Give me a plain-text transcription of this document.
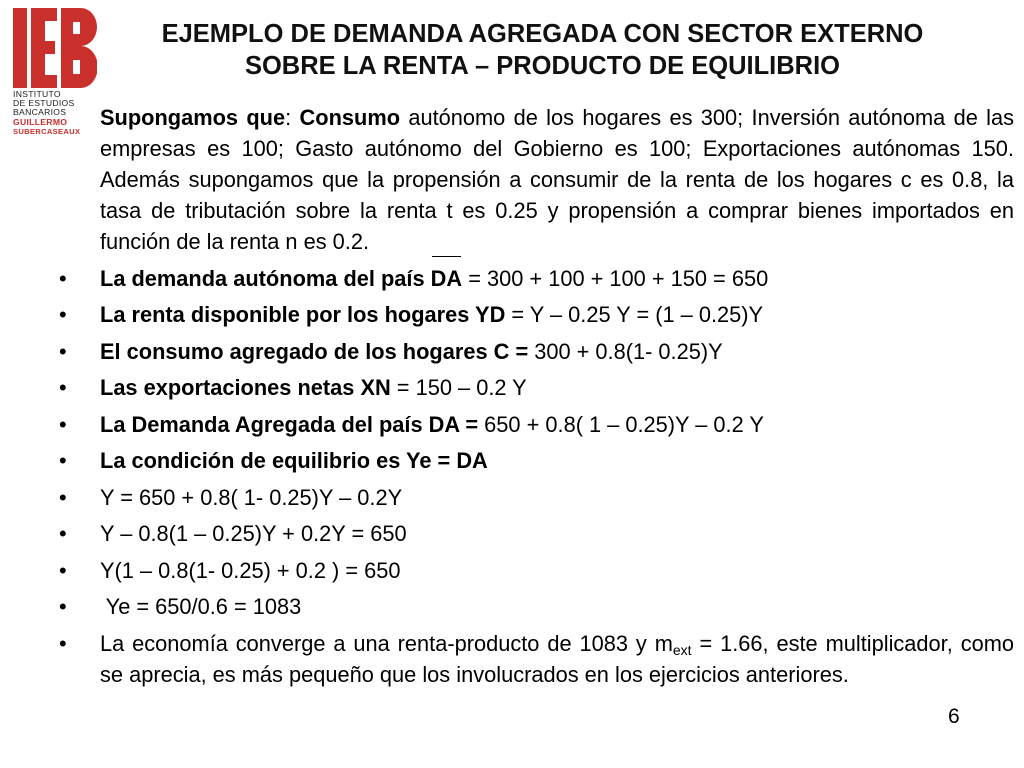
INSTITUTO
DE ESTUDIOS
BANCARIOS
GUILLERMO
SUBERCASEAUX
EJEMPLO DE DEMANDA AGREGADA CON SECTOR EXTERNO
SOBRE LA RENTA – PRODUCTO DE EQUILIBRIO

Supongamos que: Consumo autónomo de los hogares es 300; Inversión autónoma de las empresas es 100; Gasto autónomo del Gobierno es 100; Exportaciones autónomas 150. Además supongamos que la propensión a consumir de la renta de los hogares c es 0.8, la tasa de tributación sobre la renta t es 0.25 y propensión a comprar bienes importados en función de la renta n es 0.2.

• La demanda autónoma del país DA = 300 + 100 + 100 + 150 = 650

• La renta disponible por los hogares YD = Y – 0.25 Y = (1 – 0.25)Y

• El consumo agregado de los hogares C = 300 + 0.8(1- 0.25)Y

• Las exportaciones netas XN = 150 – 0.2 Y

• La Demanda Agregada del país DA = 650 + 0.8( 1 – 0.25)Y – 0.2 Y

• La condición de equilibrio es Ye = DA

• Y = 650 + 0.8( 1- 0.25)Y – 0.2Y

• Y – 0.8(1 – 0.25)Y + 0.2Y = 650

• Y(1 – 0.8(1- 0.25) + 0.2 ) = 650

•  Ye = 650/0.6 = 1083

• La economía converge a una renta-producto de 1083 y $m_{ext} = 1.66$, este multiplicador, como se aprecia, es más pequeño que los involucrados en los ejercicios anteriores.

6
